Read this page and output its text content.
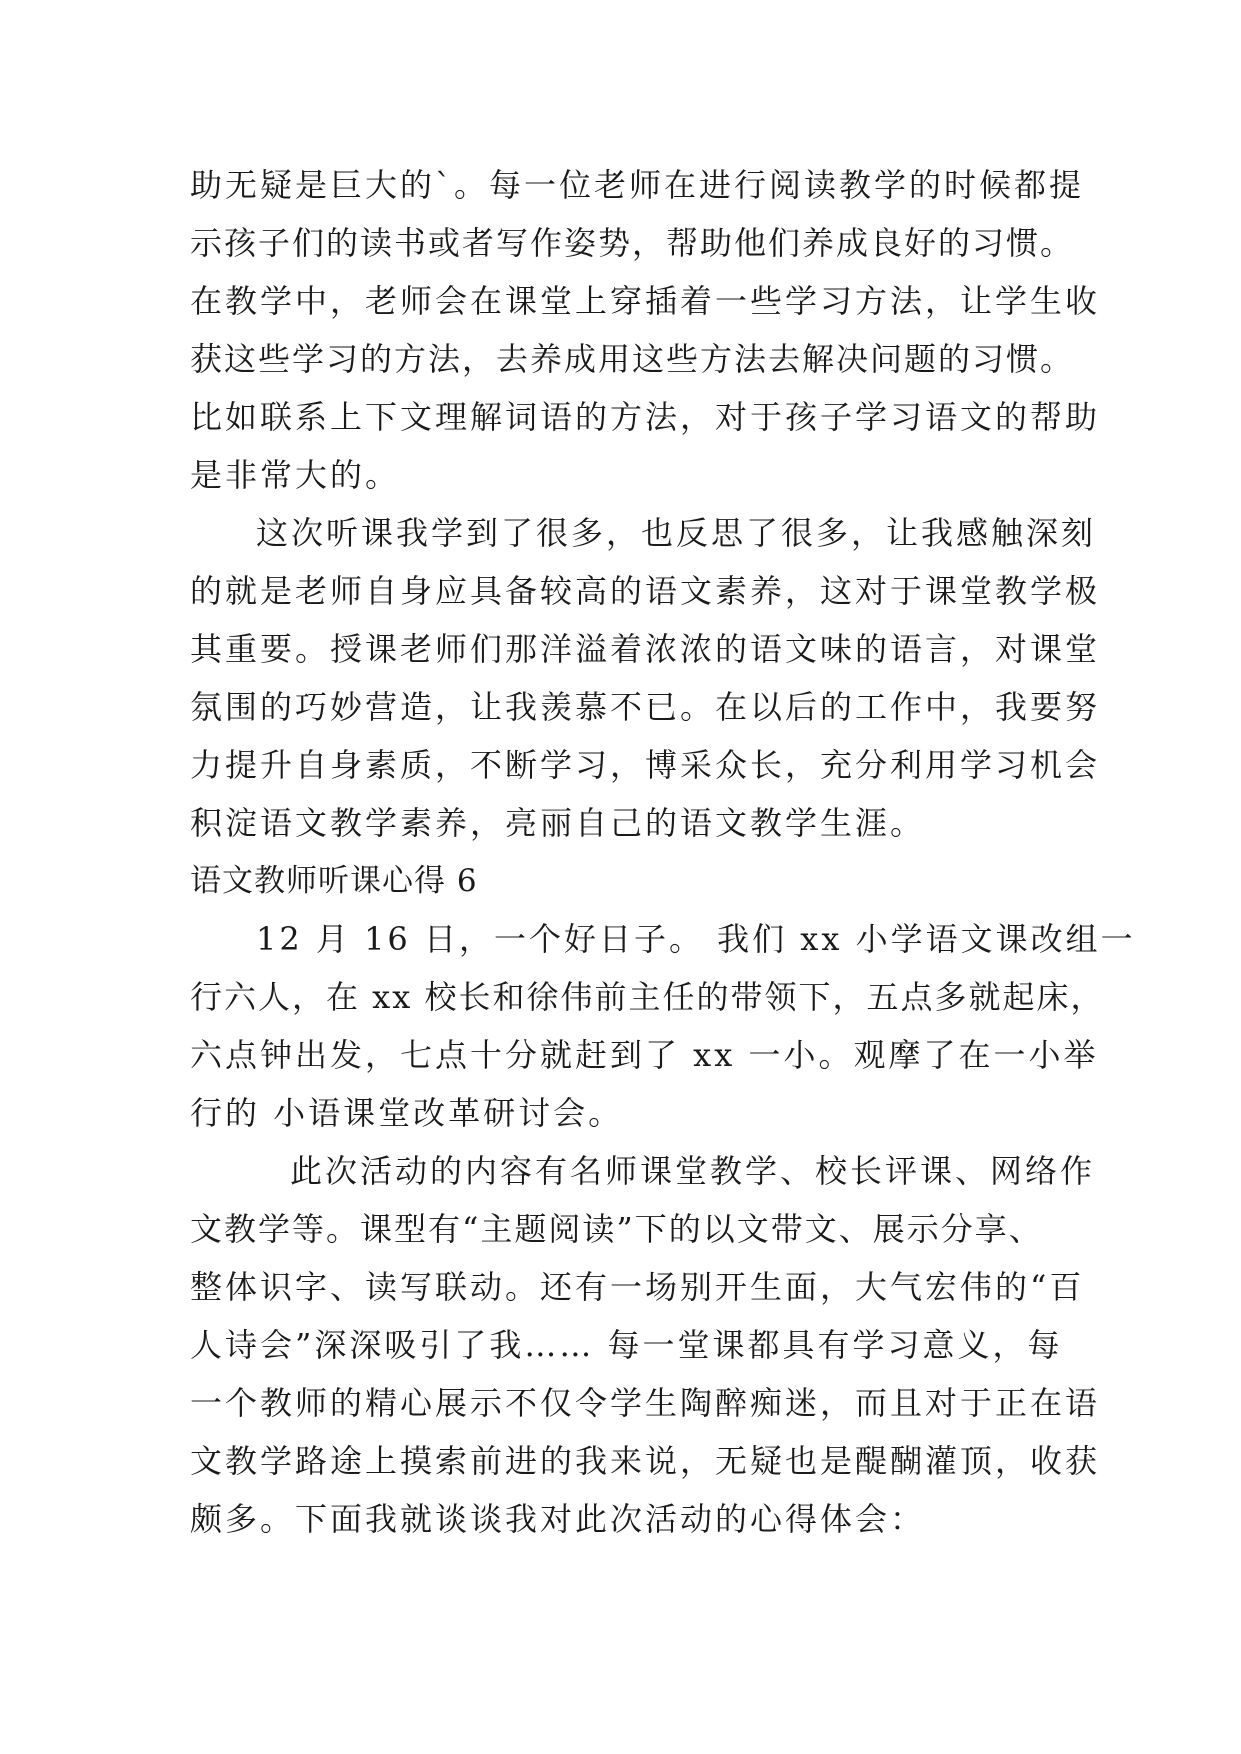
助无疑是巨大的`。每一位老师在进行阅读教学的时候都提
示孩子们的读书或者写作姿势，帮助他们养成良好的习惯。
在教学中，老师会在课堂上穿插着一些学习方法，让学生收
获这些学习的方法，去养成用这些方法去解决问题的习惯。
比如联系上下文理解词语的方法，对于孩子学习语文的帮助
是非常大的。
这次听课我学到了很多，也反思了很多，让我感触深刻
的就是老师自身应具备较高的语文素养，这对于课堂教学极
其重要。授课老师们那洋溢着浓浓的语文味的语言，对课堂
氛围的巧妙营造，让我羡慕不已。在以后的工作中，我要努
力提升自身素质，不断学习，博采众长，充分利用学习机会
积淀语文教学素养，亮丽自己的语文教学生涯。
语文教师听课心得 6
12 月 16 日，一个好日子。 我们 xx 小学语文课改组一
行六人，在 xx 校长和徐伟前主任的带领下，五点多就起床，
六点钟出发，七点十分就赶到了 xx 一小。观摩了在一小举
行的 小语课堂改革研讨会。
此次活动的内容有名师课堂教学、校长评课、网络作
文教学等。课型有“主题阅读”下的以文带文、展示分享、
整体识字、读写联动。还有一场别开生面，大气宏伟的“百
人诗会”深深吸引了我…… 每一堂课都具有学习意义，每
一个教师的精心展示不仅令学生陶醉痴迷，而且对于正在语
文教学路途上摸索前进的我来说，无疑也是醍醐灌顶，收获
颇多。下面我就谈谈我对此次活动的心得体会：
